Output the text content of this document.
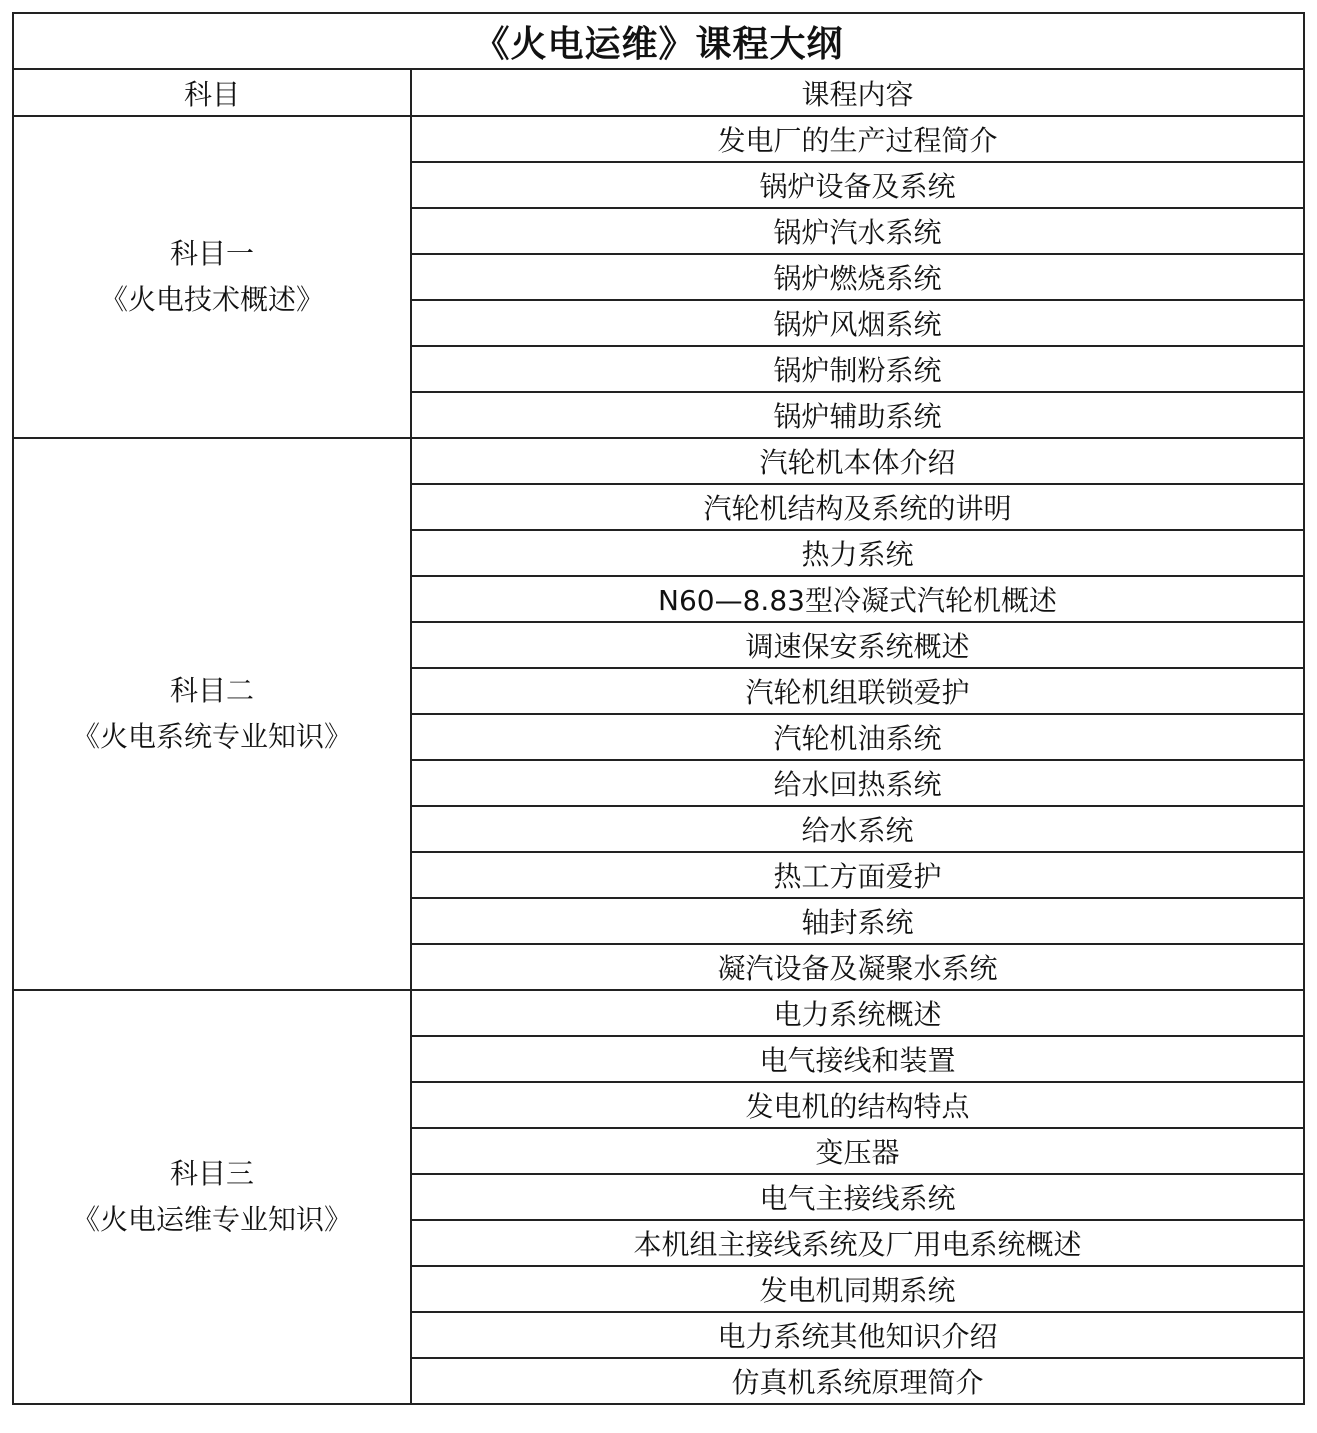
《火电运维》课程大纲	
科目	课程内容

科目一
《火电技术概述》	发电厂的生产过程简介
	锅炉设备及系统
	锅炉汽水系统
	锅炉燃烧系统
	锅炉风烟系统
	锅炉制粉系统
	锅炉辅助系统

科目二
《火电系统专业知识》	汽轮机本体介绍
	汽轮机结构及系统的讲明
	热力系统
	N60—8.83型冷凝式汽轮机概述
	调速保安系统概述
	汽轮机组联锁爱护
	汽轮机油系统
	给水回热系统
	给水系统
	热工方面爱护
	轴封系统
	凝汽设备及凝聚水系统

科目三
《火电运维专业知识》	电力系统概述
	电气接线和装置
	发电机的结构特点
	变压器
	电气主接线系统
	本机组主接线系统及厂用电系统概述
	发电机同期系统
	电力系统其他知识介绍
	仿真机系统原理简介
